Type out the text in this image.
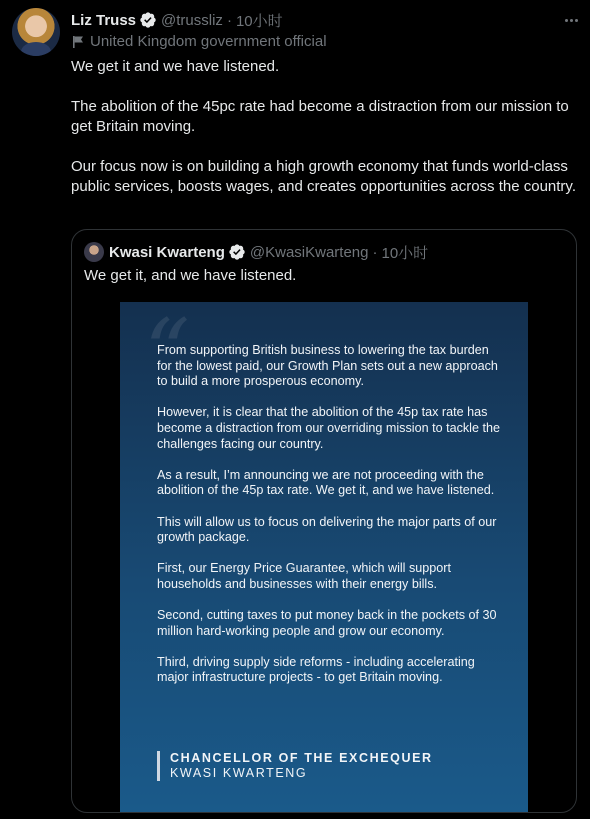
Liz Truss @trussliz · 10小时
United Kingdom government official

We get it and we have listened.

The abolition of the 45pc rate had become a distraction from our mission to get Britain moving.

Our focus now is on building a high growth economy that funds world-class public services, boosts wages, and creates opportunities across the country.

Kwasi Kwarteng @KwasiKwarteng · 10小时
We get it, and we have listened.
“

From supporting British business to lowering the tax burden for the lowest paid, our Growth Plan sets out a new approach to build a more prosperous economy.

However, it is clear that the abolition of the 45p tax rate has become a distraction from our overriding mission to tackle the challenges facing our country.

As a result, I’m announcing we are not proceeding with the abolition of the 45p tax rate. We get it, and we have listened.

This will allow us to focus on delivering the major parts of our growth package.

First, our Energy Price Guarantee, which will support households and businesses with their energy bills.

Second, cutting taxes to put money back in the pockets of 30 million hard-working people and grow our economy.

Third, driving supply side reforms - including accelerating major infrastructure projects - to get Britain moving.

CHANCELLOR OF THE EXCHEQUER
KWASI KWARTENG
